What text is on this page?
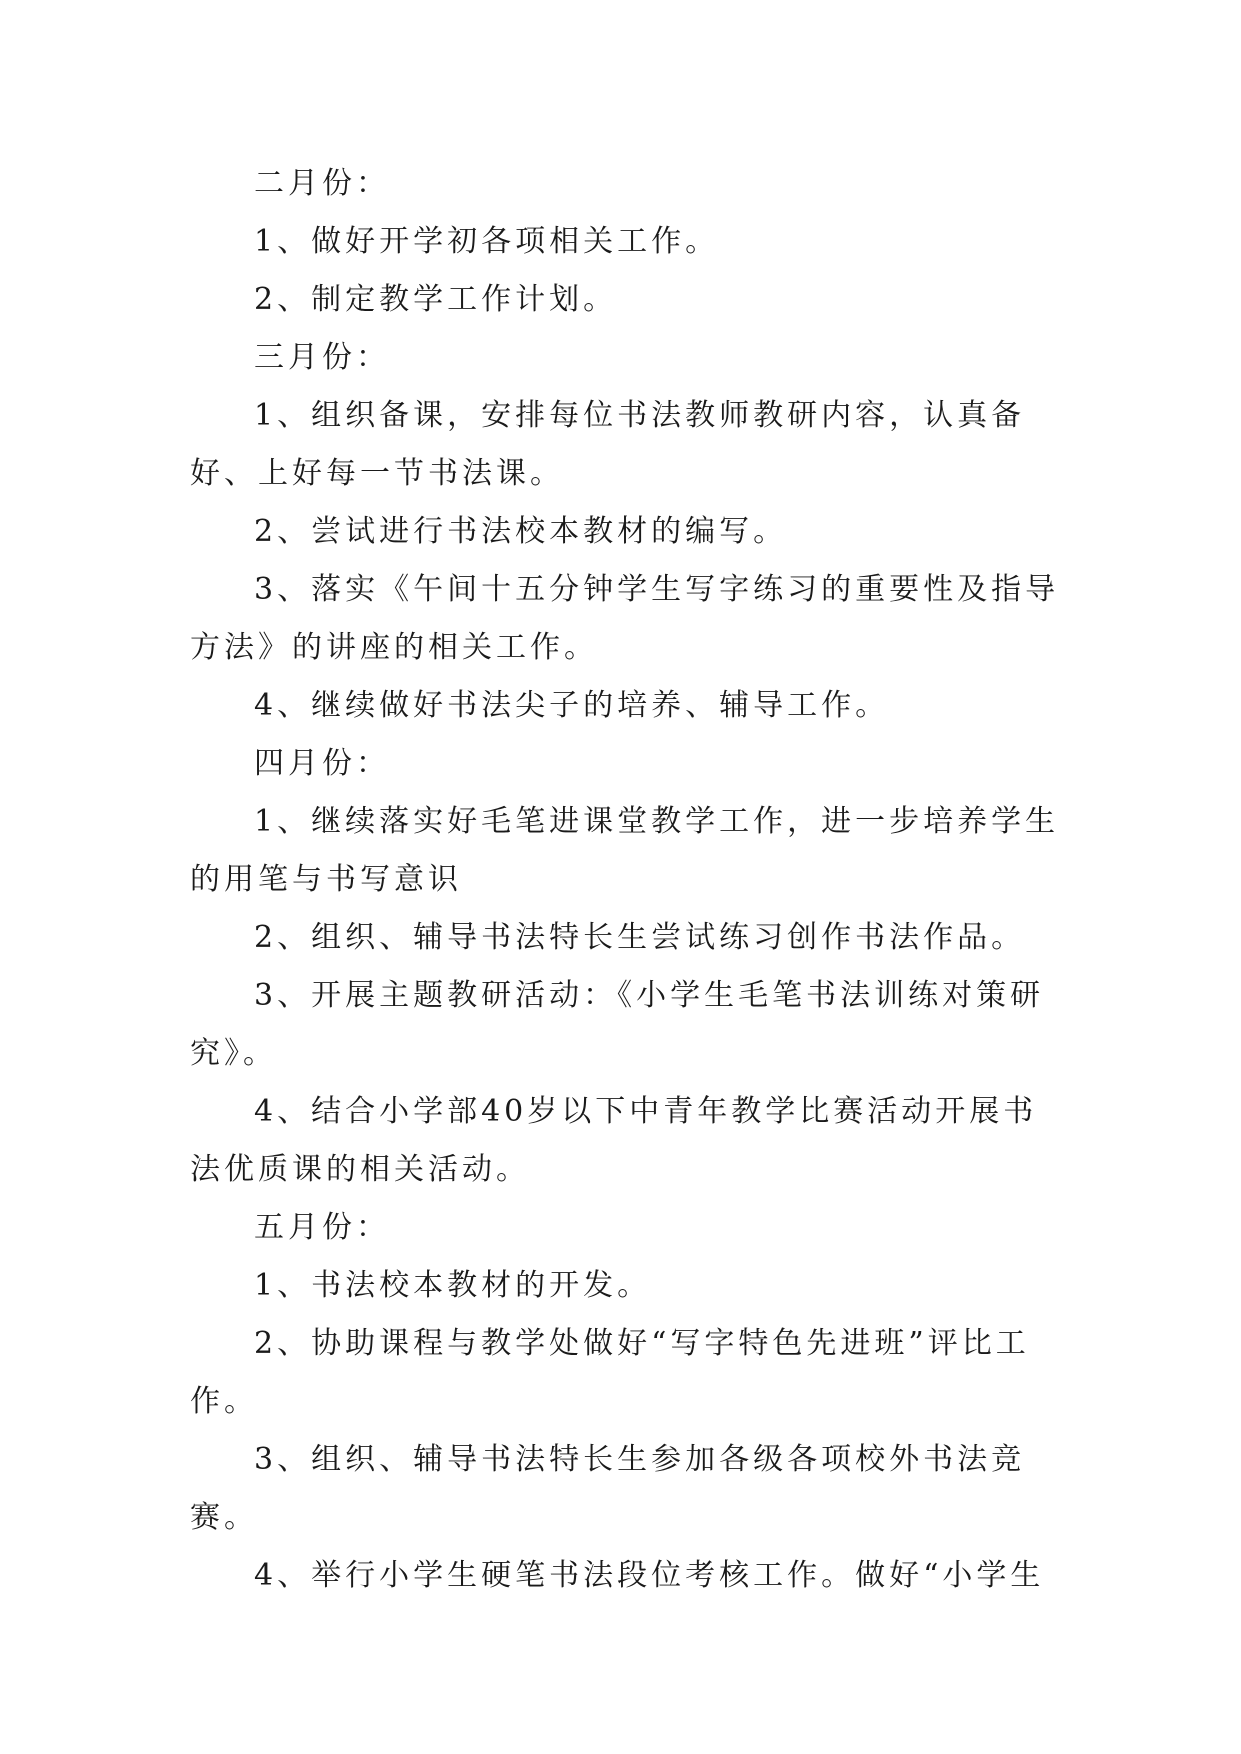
二月份：

1、做好开学初各项相关工作。

2、制定教学工作计划。

三月份：

1、组织备课，安排每位书法教师教研内容，认真备好、上好每一节书法课。

2、尝试进行书法校本教材的编写。

3、落实《午间十五分钟学生写字练习的重要性及指导方法》的讲座的相关工作。

4、继续做好书法尖子的培养、辅导工作。

四月份：

1、继续落实好毛笔进课堂教学工作，进一步培养学生的用笔与书写意识

2、组织、辅导书法特长生尝试练习创作书法作品。

3、开展主题教研活动：《小学生毛笔书法训练对策研究》。

4、结合小学部40岁以下中青年教学比赛活动开展书法优质课的相关活动。

五月份：

1、书法校本教材的开发。

2、协助课程与教学处做好“写字特色先进班”评比工作。

3、组织、辅导书法特长生参加各级各项校外书法竞赛。

4、举行小学生硬笔书法段位考核工作。做好“小学生
